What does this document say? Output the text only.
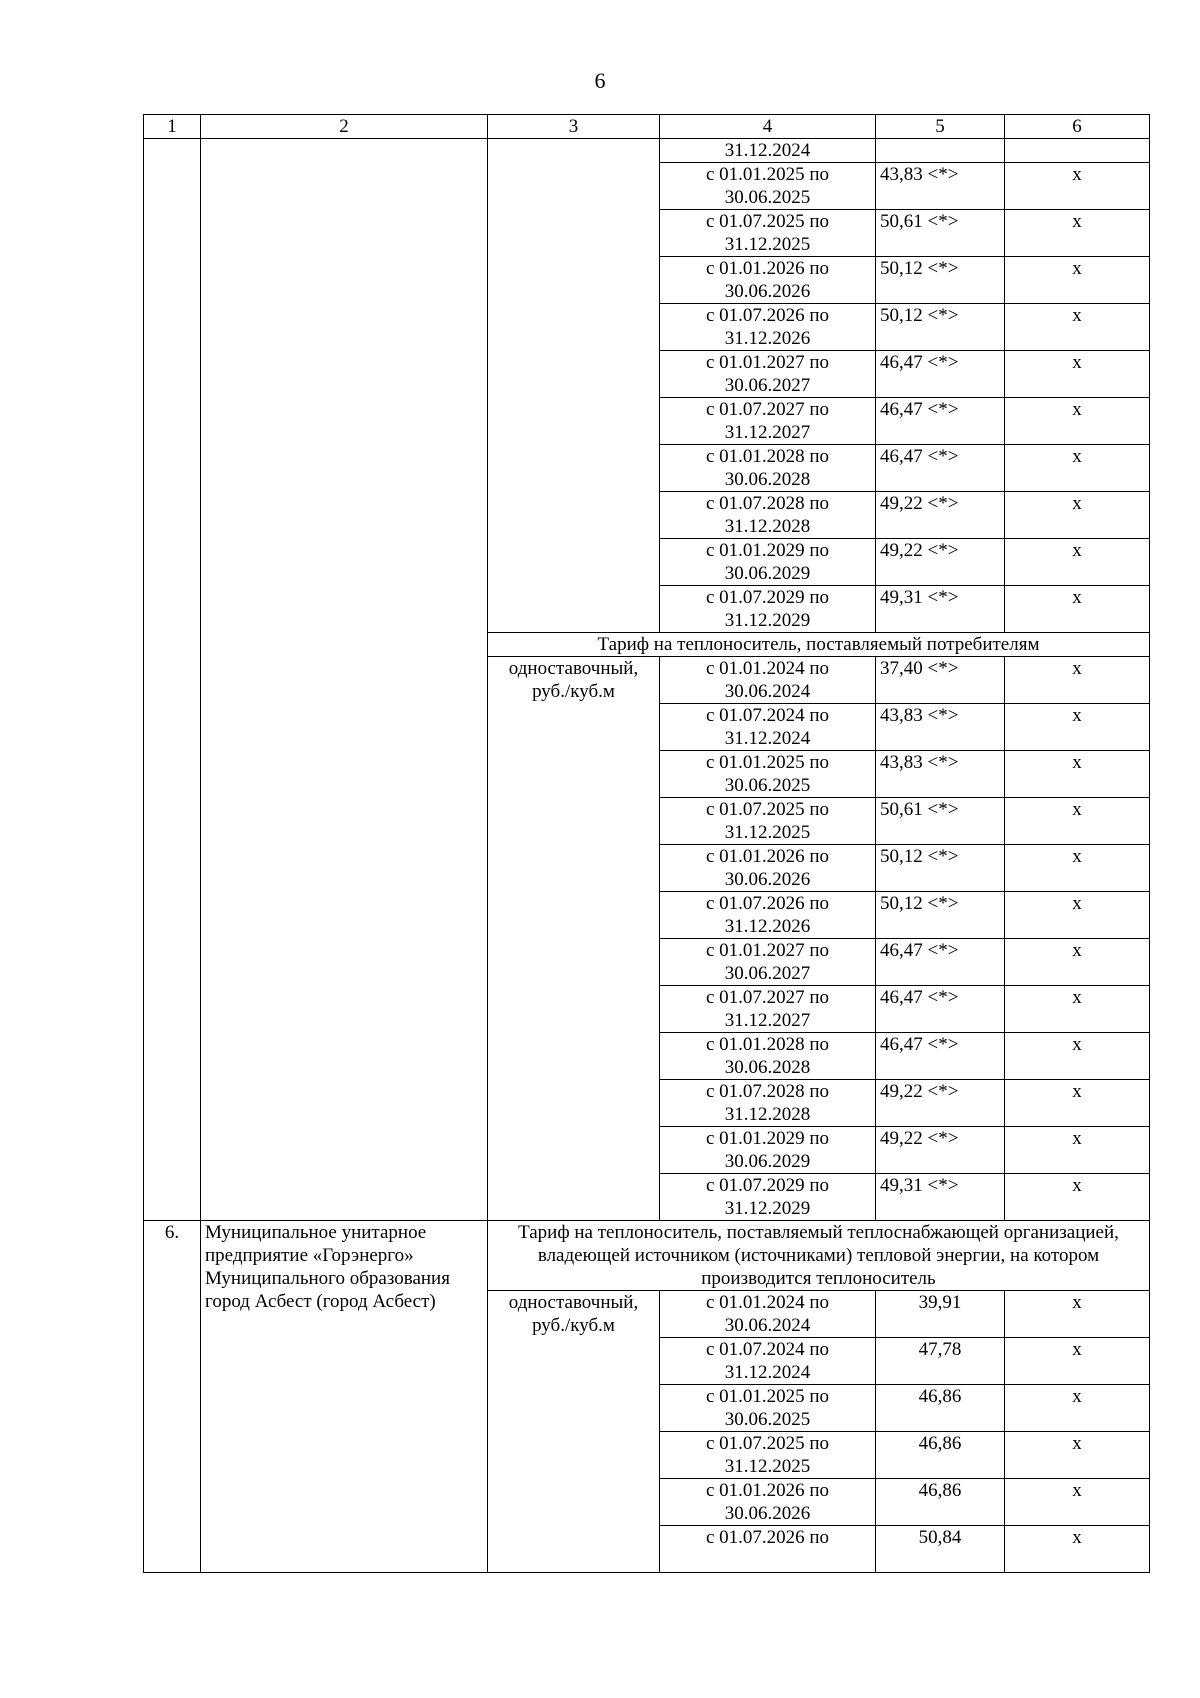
6
1	2	3	4	5	6
			31.12.2024		
			с 01.01.2025 по 30.06.2025	43,83 <*>	x
			с 01.07.2025 по 31.12.2025	50,61 <*>	x
			с 01.01.2026 по 30.06.2026	50,12 <*>	x
			с 01.07.2026 по 31.12.2026	50,12 <*>	x
			с 01.01.2027 по 30.06.2027	46,47 <*>	x
			с 01.07.2027 по 31.12.2027	46,47 <*>	x
			с 01.01.2028 по 30.06.2028	46,47 <*>	x
			с 01.07.2028 по 31.12.2028	49,22 <*>	x
			с 01.01.2029 по 30.06.2029	49,22 <*>	x
			с 01.07.2029 по 31.12.2029	49,31 <*>	x
		Тариф на теплоноситель, поставляемый потребителям			
		одноставочный, руб./куб.м	с 01.01.2024 по 30.06.2024	37,40 <*>	x
			с 01.07.2024 по 31.12.2024	43,83 <*>	x
			с 01.01.2025 по 30.06.2025	43,83 <*>	x
			с 01.07.2025 по 31.12.2025	50,61 <*>	x
			с 01.01.2026 по 30.06.2026	50,12 <*>	x
			с 01.07.2026 по 31.12.2026	50,12 <*>	x
			с 01.01.2027 по 30.06.2027	46,47 <*>	x
			с 01.07.2027 по 31.12.2027	46,47 <*>	x
			с 01.01.2028 по 30.06.2028	46,47 <*>	x
			с 01.07.2028 по 31.12.2028	49,22 <*>	x
			с 01.01.2029 по 30.06.2029	49,22 <*>	x
			с 01.07.2029 по 31.12.2029	49,31 <*>	x
6.	Муниципальное унитарное предприятие «Горэнерго» Муниципального образования город Асбест (город Асбест)	Тариф на теплоноситель, поставляемый теплоснабжающей организацией, владеющей источником (источниками) тепловой энергии, на котором производится теплоноситель			
		одноставочный, руб./куб.м	с 01.01.2024 по 30.06.2024	39,91	x
			с 01.07.2024 по 31.12.2024	47,78	x
			с 01.01.2025 по 30.06.2025	46,86	x
			с 01.07.2025 по 31.12.2025	46,86	x
			с 01.01.2026 по 30.06.2026	46,86	x
			с 01.07.2026 по	50,84	x
